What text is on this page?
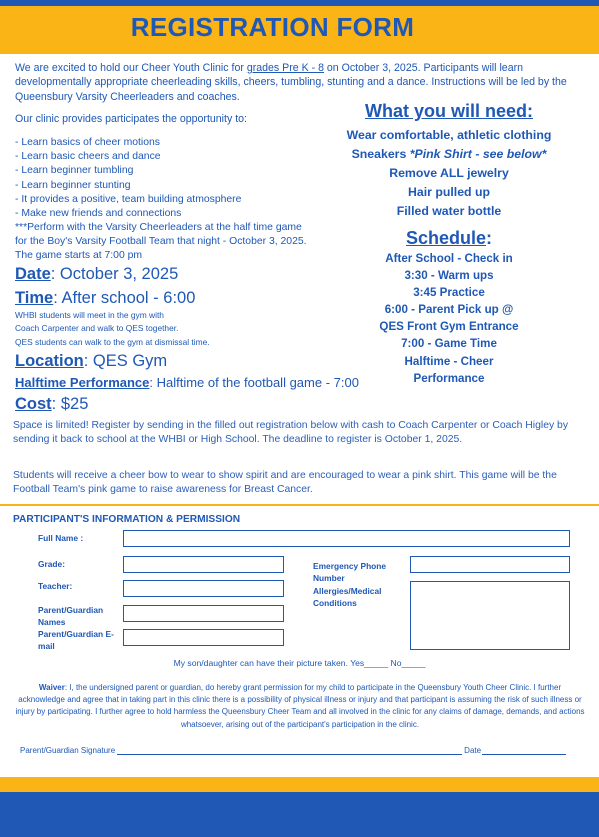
REGISTRATION FORM
We are excited to hold our Cheer Youth Clinic for grades Pre K - 8 on October 3, 2025. Participants will learn developmentally appropriate cheerleading skills, cheers, tumbling, stunting and a dance. Instructions will be led by the Queensbury Varsity Cheerleaders and coaches.
Our clinic provides participates the opportunity to:
- Learn basics of cheer motions
- Learn basic cheers and dance
- Learn beginner tumbling
- Learn beginner stunting
- It provides a positive, team building atmosphere
- Make new friends and connections
***Perform with the Varsity Cheerleaders at the half time game for the Boy's Varsity Football Team that night - October 3, 2025. The game starts at 7:00 pm
Date: October 3, 2025
Time: After school - 6:00
WHBI students will meet in the gym with
Coach Carpenter and walk to QES together.
QES students can walk to the gym at dismissal time.
Location: QES Gym
Halftime Performance: Halftime of the football game - 7:00
Cost: $25
What you will need:
Wear comfortable, athletic clothing
Sneakers *Pink Shirt - see below*
Remove ALL jewelry
Hair pulled up
Filled water bottle
Schedule:
After School - Check in
3:30 - Warm ups
3:45 Practice
6:00 - Parent Pick up @
QES Front Gym Entrance
7:00 - Game Time
Halftime - Cheer
Performance
Space is limited! Register by sending in the filled out registration below with cash to Coach Carpenter or Coach Higley by sending it back to school at the WHBI or High School. The deadline to register is October 1, 2025.
Students will receive a cheer bow to wear to show spirit and are encouraged to wear a pink shirt. This game will be the Football Team's pink game to raise awareness for Breast Cancer.
PARTICIPANT'S INFORMATION & PERMISSION
Full Name :
Grade:
Teacher:
Parent/Guardian Names
Parent/Guardian E- mail
Emergency Phone Number
Allergies/Medical Conditions
My son/daughter can have their picture taken. Yes_____ No_____
Waiver: I, the undersigned parent or guardian, do hereby grant permission for my child to participate in the Queensbury Youth Cheer Clinic. I further acknowledge and agree that in taking part in this clinic there is a possibility of physical illness or injury and that participant is assuming the risk of such illness or injury by participating. I further agree to hold harmless the Queensbury Cheer Team and all involved in the clinic for any claims of damage, demands, and actions whatsoever, arising out of the participant's participation in the clinic.
Parent/Guardian Signature	Date
